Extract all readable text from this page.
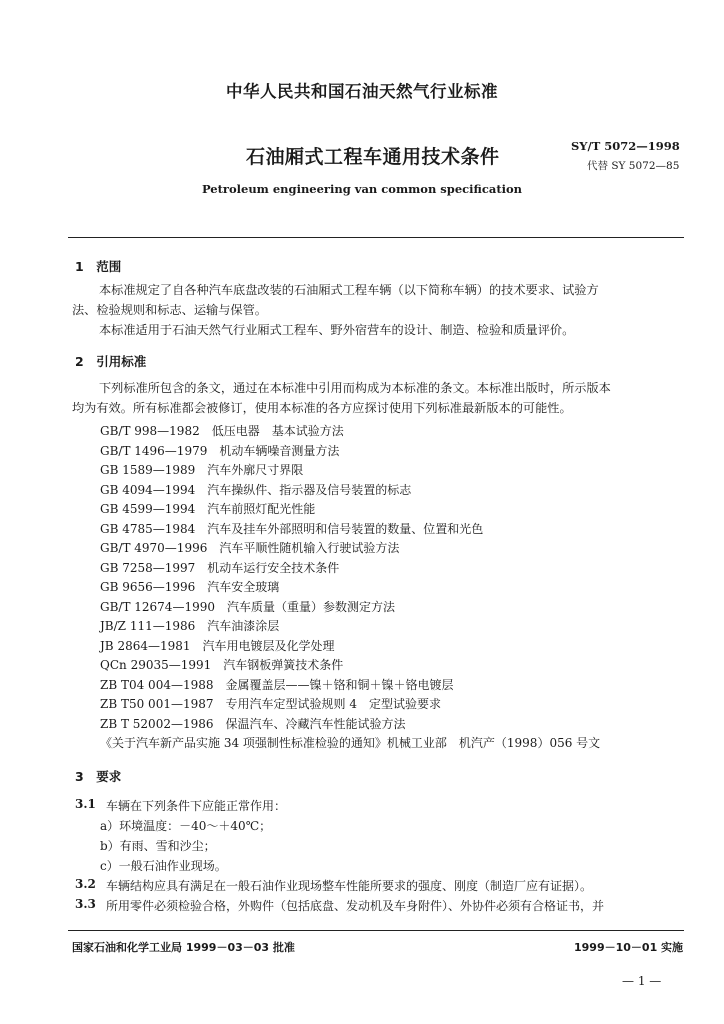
中华人民共和国石油天然气行业标准
石油厢式工程车通用技术条件	SY/T 5072—1998
代替 SY 5072—85
Petroleum engineering van common specification
1　范围
本标准规定了自各种汽车底盘改装的石油厢式工程车辆（以下简称车辆）的技术要求、试验方
法、检验规则和标志、运输与保管。
本标准适用于石油天然气行业厢式工程车、野外宿营车的设计、制造、检验和质量评价。
2　引用标准
下列标准所包含的条文，通过在本标准中引用而构成为本标准的条文。本标准出版时，所示版本
均为有效。所有标准都会被修订，使用本标准的各方应探讨使用下列标准最新版本的可能性。
GB/T 998—1982　低压电器　基本试验方法
GB/T 1496—1979　机动车辆噪音测量方法
GB 1589—1989　汽车外廓尺寸界限
GB 4094—1994　汽车操纵件、指示器及信号装置的标志
GB 4599—1994　汽车前照灯配光性能
GB 4785—1984　汽车及挂车外部照明和信号装置的数量、位置和光色
GB/T 4970—1996　汽车平顺性随机输入行驶试验方法
GB 7258—1997　机动车运行安全技术条件
GB 9656—1996　汽车安全玻璃
GB/T 12674—1990　汽车质量（重量）参数测定方法
JB/Z 111—1986　汽车油漆涂层
JB 2864—1981　汽车用电镀层及化学处理
QCn 29035—1991　汽车钢板弹簧技术条件
ZB T04 004—1988　金属覆盖层——镍＋铬和铜＋镍＋铬电镀层
ZB T50 001—1987　专用汽车定型试验规则 4　定型试验要求
ZB T 52002—1986　保温汽车、冷藏汽车性能试验方法
《关于汽车新产品实施 34 项强制性标准检验的通知》机械工业部　机汽产（1998）056 号文
3　要求
3.1 车辆在下列条件下应能正常作用：
a）环境温度：－40～＋40℃；
b）有雨、雪和沙尘；
c）一般石油作业现场。
3.2 车辆结构应具有满足在一般石油作业现场整车性能所要求的强度、刚度（制造厂应有证据）。
3.3 所用零件必须检验合格，外购件（包括底盘、发动机及车身附件）、外协件必须有合格证书，并
国家石油和化学工业局 1999－03－03 批准	1999－10－01 实施
— 1 —
